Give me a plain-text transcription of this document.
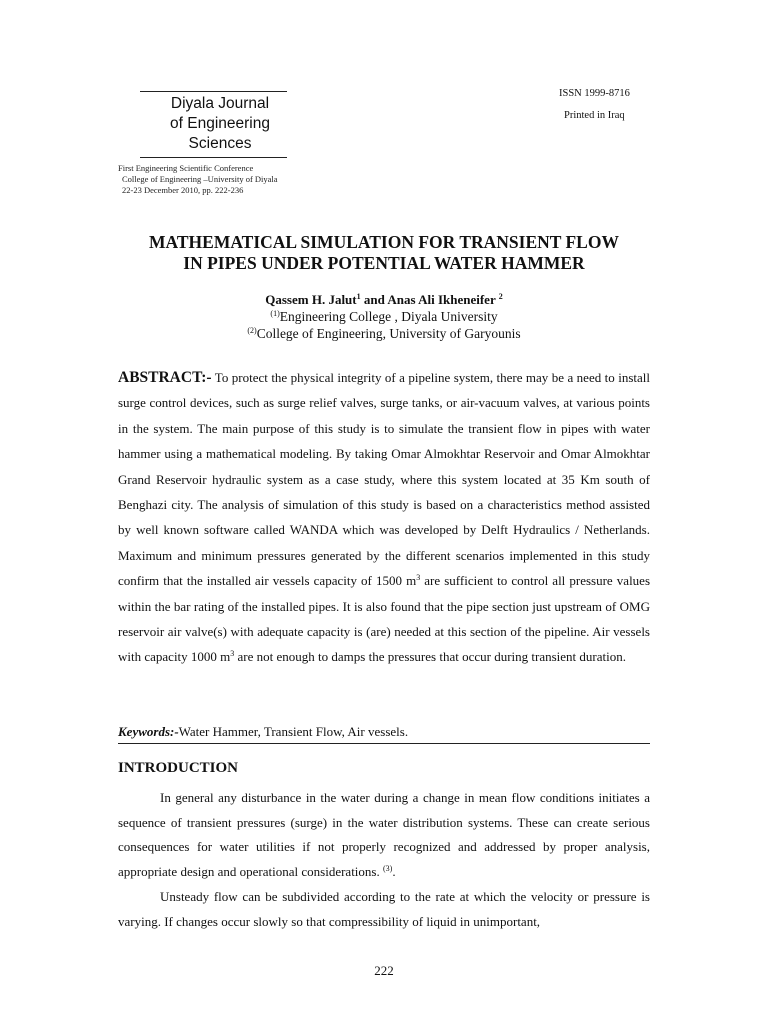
Diyala Journal
of Engineering
Sciences
First Engineering Scientific Conference
College of Engineering –University of Diyala
22-23 December 2010, pp. 222-236
ISSN 1999-8716
Printed in Iraq
MATHEMATICAL SIMULATION FOR TRANSIENT FLOW
IN PIPES UNDER POTENTIAL WATER HAMMER
Qassem H. Jalut$^1$ and Anas Ali Ikheneifer $^2$
$^{(1)}$Engineering College , Diyala University
$^{(2)}$College of Engineering, University of Garyounis
ABSTRACT:- To protect the physical integrity of a pipeline system, there may be a need to install surge control devices, such as surge relief valves, surge tanks, or air-vacuum valves, at various points in the system. The main purpose of this study is to simulate the transient flow in pipes with water hammer using a mathematical modeling. By taking Omar Almokhtar Reservoir and Omar Almokhtar Grand Reservoir hydraulic system as a case study, where this system located at 35 Km south of Benghazi city. The analysis of simulation of this study is based on a characteristics method assisted by well known software called WANDA which was developed by Delft Hydraulics / Netherlands. Maximum and minimum pressures generated by the different scenarios implemented in this study confirm that the installed air vessels capacity of 1500 $m^3$ are sufficient to control all pressure values within the bar rating of the installed pipes. It is also found that the pipe section just upstream of OMG reservoir air valve(s) with adequate capacity is (are) needed at this section of the pipeline. Air vessels with capacity 1000 $m^3$ are not enough to damps the pressures that occur during transient duration.
Keywords:-Water Hammer, Transient Flow, Air vessels.
INTRODUCTION

In general any disturbance in the water during a change in mean flow conditions initiates a sequence of transient pressures (surge) in the water distribution systems. These can create serious consequences for water utilities if not properly recognized and addressed by proper analysis, appropriate design and operational considerations. $^{(3)}$.

Unsteady flow can be subdivided according to the rate at which the velocity or pressure is varying. If changes occur slowly so that compressibility of liquid in unimportant,

222
